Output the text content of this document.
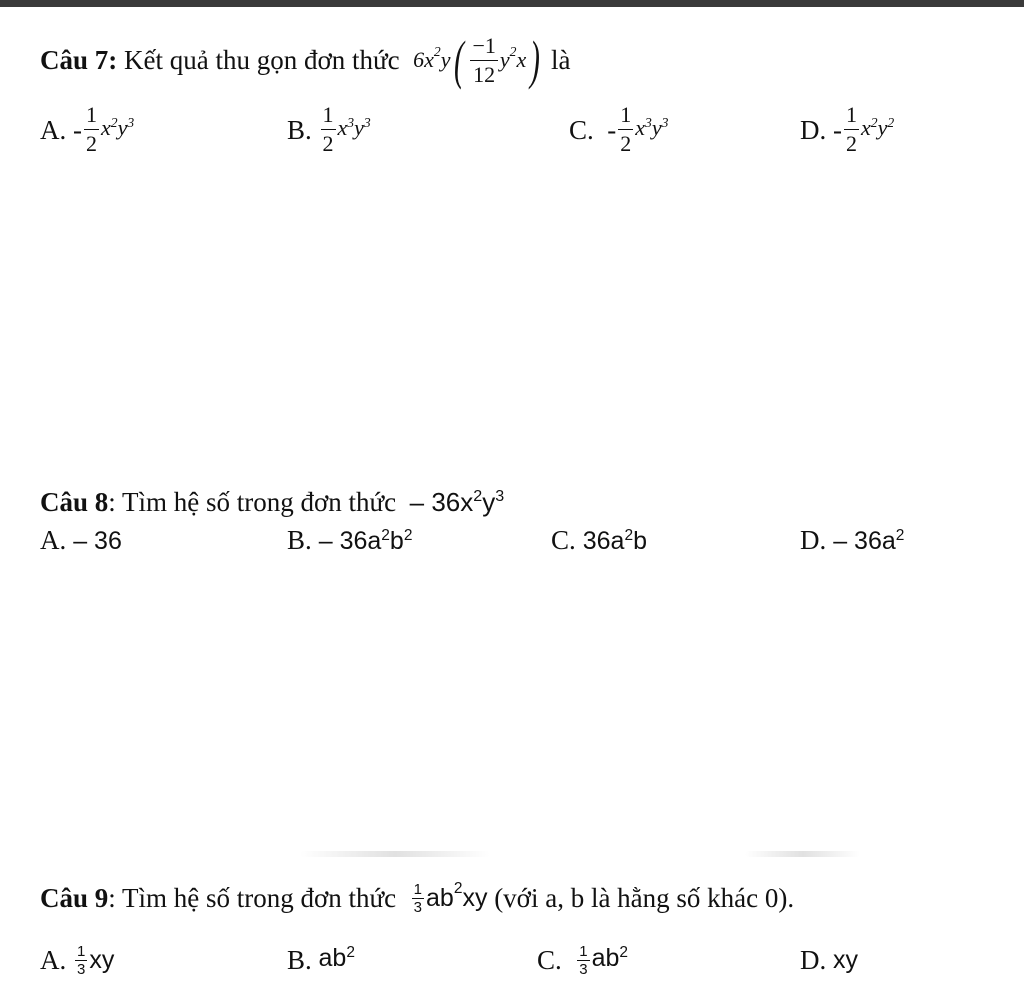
Câu 7:
Kết quả thu gọn đơn thức
6 $x^2$ y ( $\frac{-1}{12} y^2$ x )
là
A.
- $\frac{1}{2} x^2y^3$	B.
$\frac{1}{2} x^3y^3$	C.
- $\frac{1}{2} x^3y^3$	D.
- $\frac{1}{2} x^2y^2$
Câu 8: Tìm hệ số trong đơn thức – $36x^2y^3$
A. – 36	B. – $36a^2b^2$	C. $36a^2b$	D. – $36a^2$
Câu 9 : Tìm hệ số trong đơn thức
$\frac{1}{3} ab^2$ xy
(với a, b là hằng số khác 0).
A.
$\frac{1}{3}$ xy	B.
$ab^2$	C.
$\frac{1}{3} ab^2$	D.
xy
